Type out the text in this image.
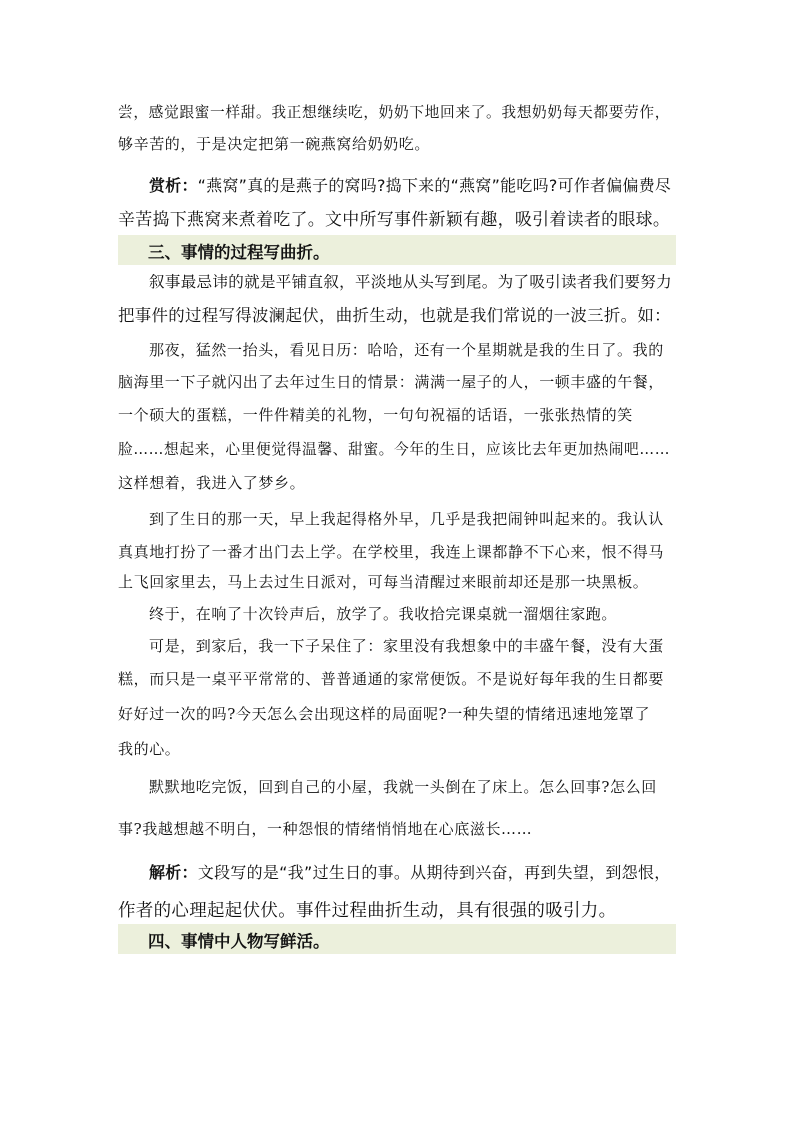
尝，感觉跟蜜一样甜。我正想继续吃，奶奶下地回来了。我想奶奶每天都要劳作，
够辛苦的，于是决定把第一碗燕窝给奶奶吃。
赏析：“燕窝”真的是燕子的窝吗?捣下来的“燕窝”能吃吗?可作者偏偏费尽
辛苦捣下燕窝来煮着吃了。文中所写事件新颖有趣，吸引着读者的眼球。
三、事情的过程写曲折。
叙事最忌讳的就是平铺直叙，平淡地从头写到尾。为了吸引读者我们要努力
把事件的过程写得波澜起伏，曲折生动，也就是我们常说的一波三折。如：
那夜，猛然一抬头，看见日历：哈哈，还有一个星期就是我的生日了。我的
脑海里一下子就闪出了去年过生日的情景：满满一屋子的人，一顿丰盛的午餐，
一个硕大的蛋糕，一件件精美的礼物，一句句祝福的话语，一张张热情的笑
脸……想起来，心里便觉得温馨、甜蜜。今年的生日，应该比去年更加热闹吧……
这样想着，我进入了梦乡。
到了生日的那一天，早上我起得格外早，几乎是我把闹钟叫起来的。我认认
真真地打扮了一番才出门去上学。在学校里，我连上课都静不下心来，恨不得马
上飞回家里去，马上去过生日派对，可每当清醒过来眼前却还是那一块黑板。
终于，在响了十次铃声后，放学了。我收拾完课桌就一溜烟往家跑。
可是，到家后，我一下子呆住了：家里没有我想象中的丰盛午餐，没有大蛋
糕，而只是一桌平平常常的、普普通通的家常便饭。不是说好每年我的生日都要
好好过一次的吗?今天怎么会出现这样的局面呢?一种失望的情绪迅速地笼罩了
我的心。
默默地吃完饭，回到自己的小屋，我就一头倒在了床上。怎么回事?怎么回
事?我越想越不明白，一种怨恨的情绪悄悄地在心底滋长……
解析：文段写的是“我”过生日的事。从期待到兴奋，再到失望，到怨恨，
作者的心理起起伏伏。事件过程曲折生动，具有很强的吸引力。
四、事情中人物写鲜活。
